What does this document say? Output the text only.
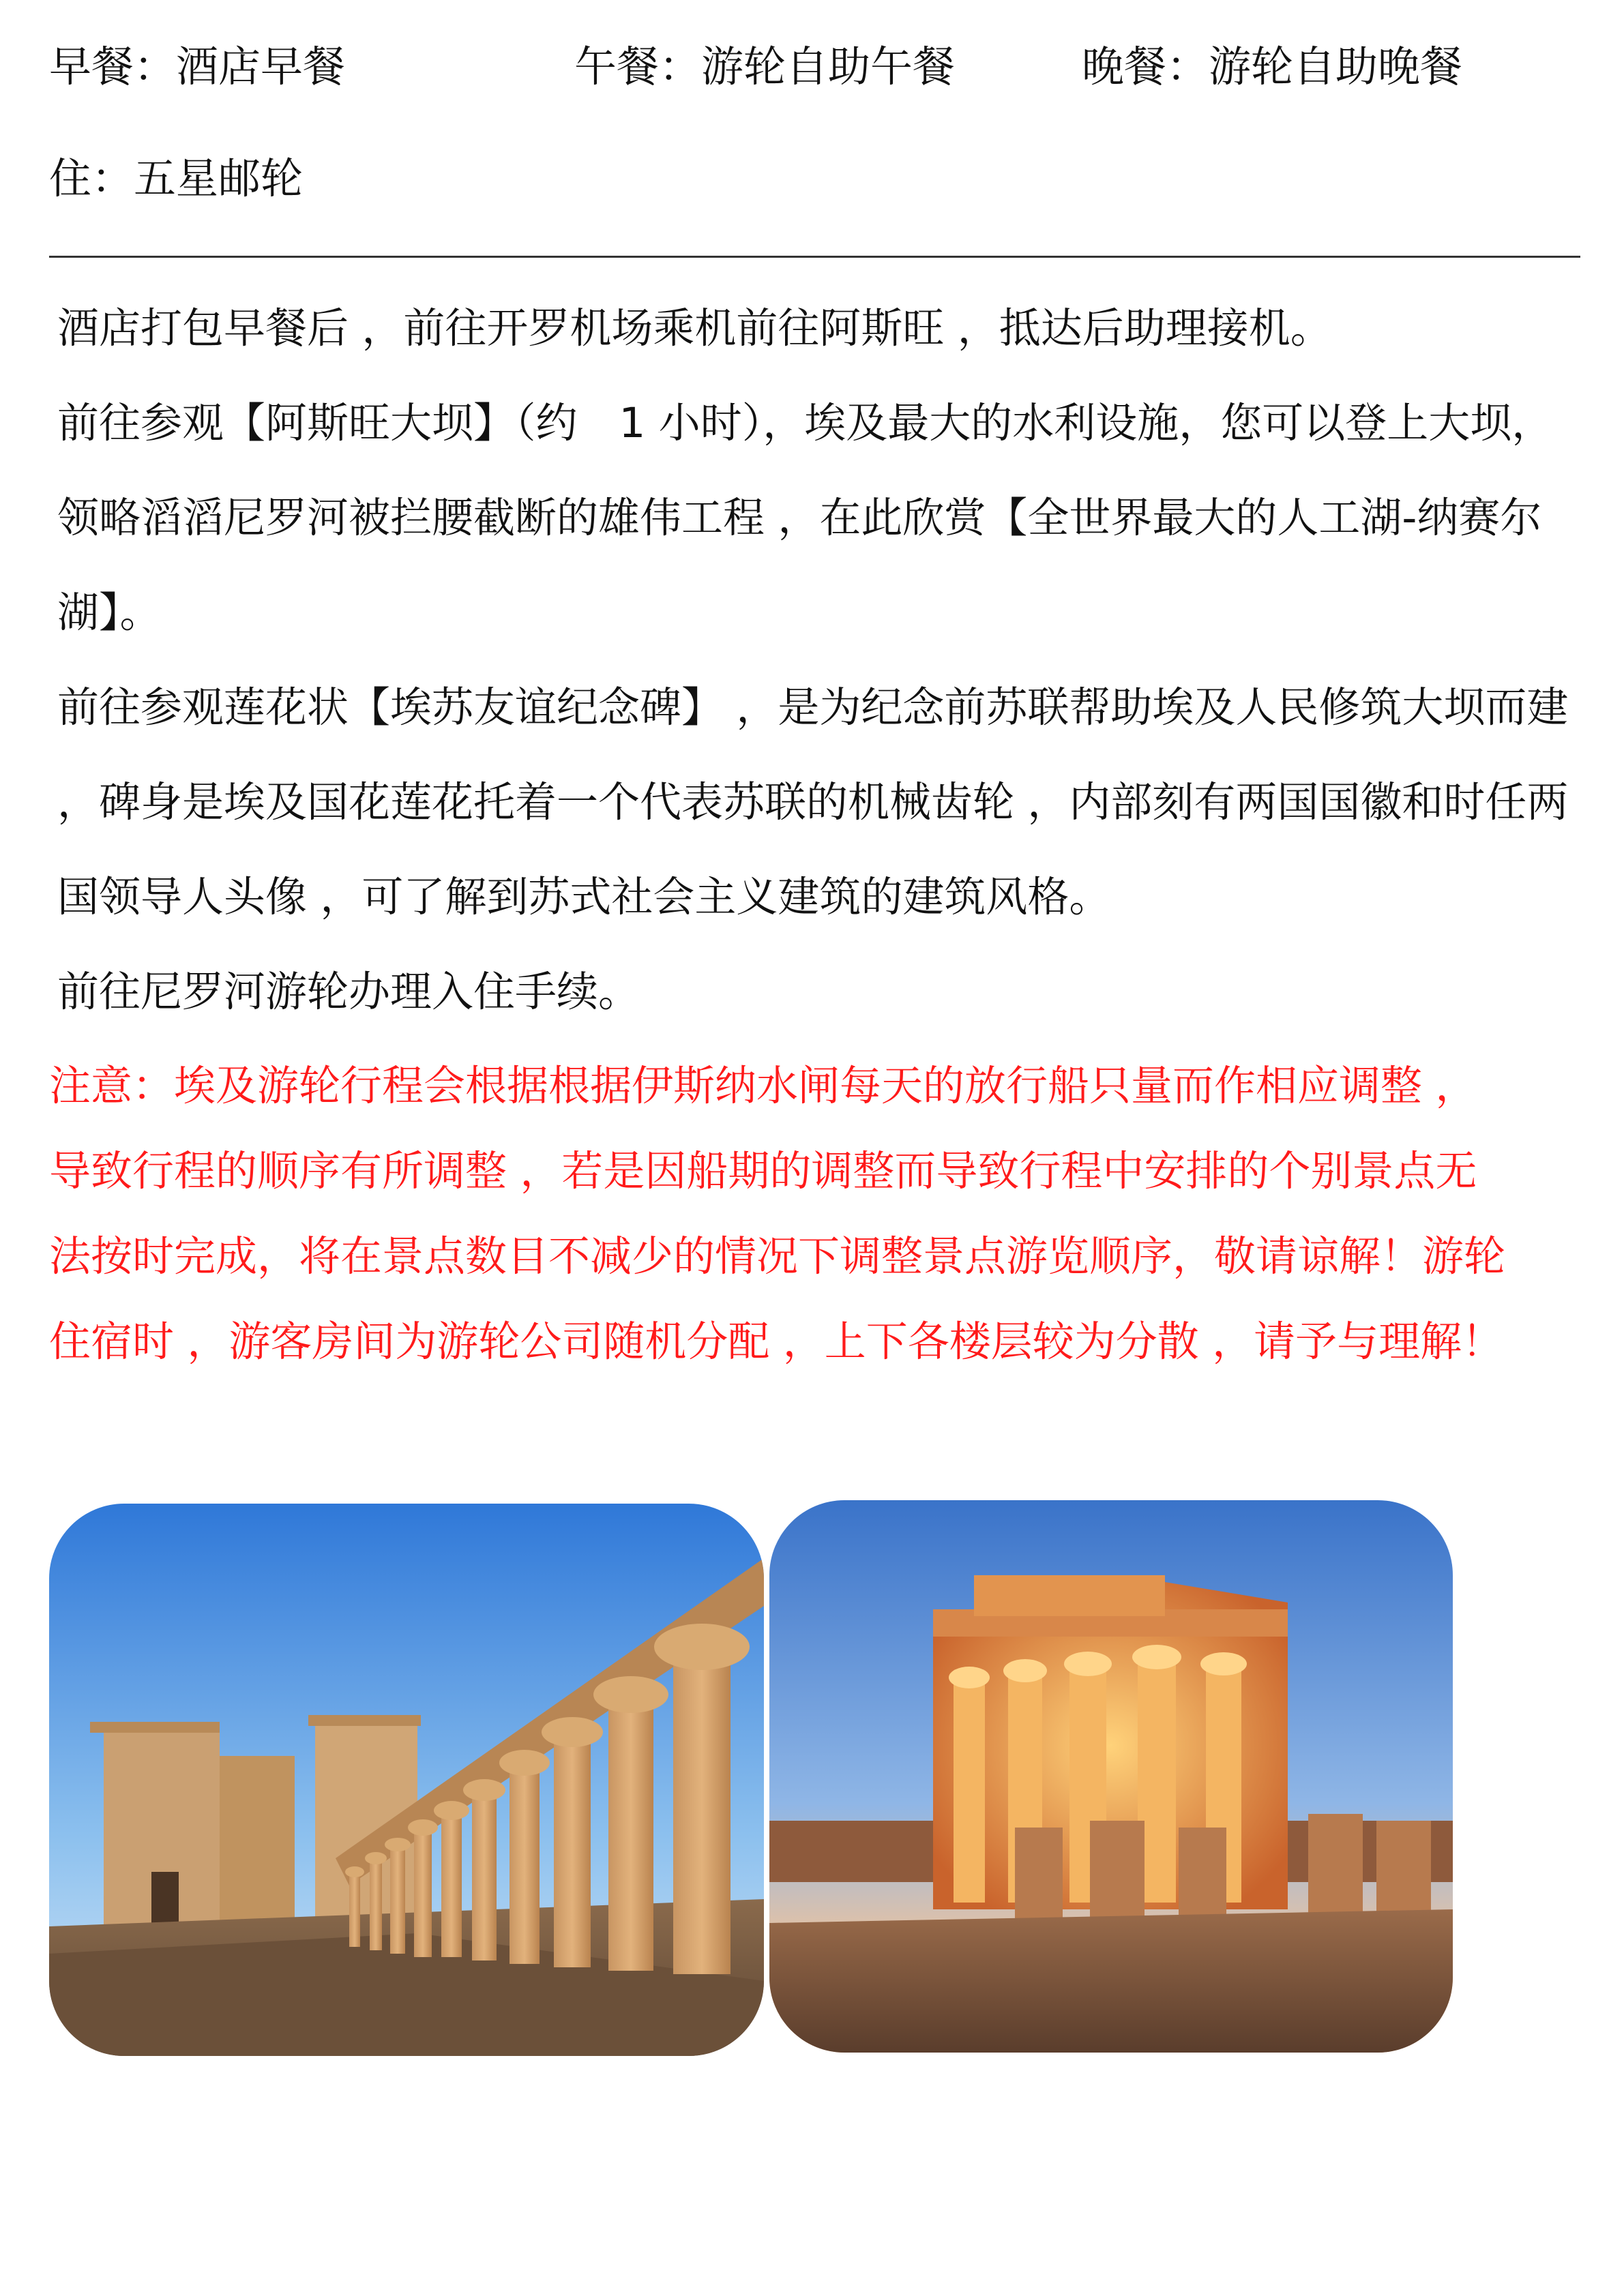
早餐：酒店早餐	午餐：游轮自助午餐	晚餐：游轮自助晚餐
住：五星邮轮

酒店打包早餐后 ，前往开罗机场乘机前往阿斯旺 ，抵达后助理接机。

前往参观【阿斯旺大坝】（约　1 小时），埃及最大的水利设施，您可以登上大坝，领略滔滔尼罗河被拦腰截断的雄伟工程 ，在此欣赏【全世界最大的人工湖-纳赛尔湖】。

前往参观莲花状【埃苏友谊纪念碑】 ，是为纪念前苏联帮助埃及人民修筑大坝而建 ，碑身是埃及国花莲花托着一个代表苏联的机械齿轮 ，内部刻有两国国徽和时任两国领导人头像 ，可了解到苏式社会主义建筑的建筑风格。

前往尼罗河游轮办理入住手续。

注意：埃及游轮行程会根据根据伊斯纳水闸每天的放行船只量而作相应调整 ，导致行程的顺序有所调整 ，若是因船期的调整而导致行程中安排的个别景点无法按时完成，将在景点数目不减少的情况下调整景点游览顺序，敬请谅解！游轮住宿时 ，游客房间为游轮公司随机分配 ，上下各楼层较为分散 ，请予与理解！
